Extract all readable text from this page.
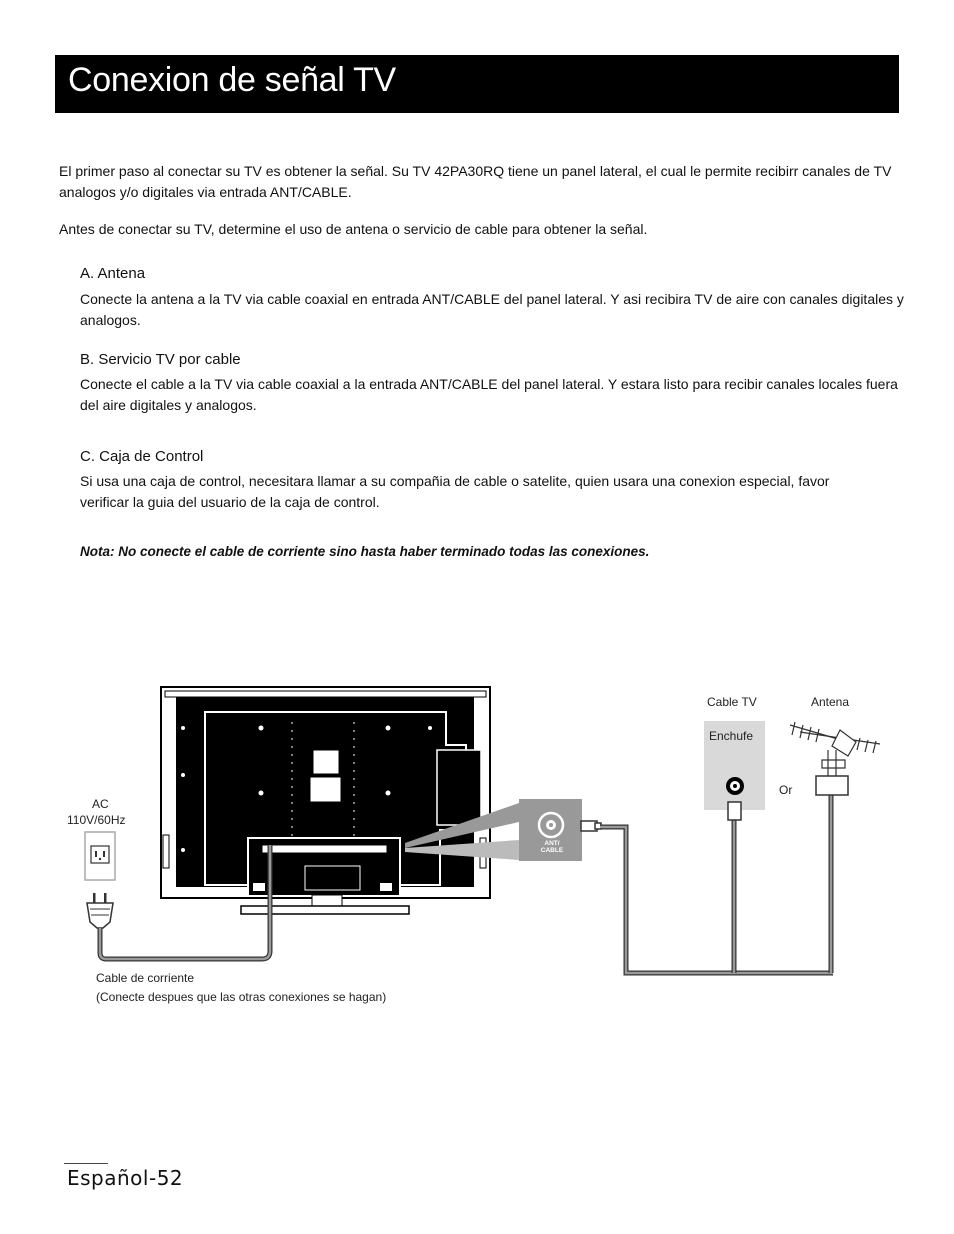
Conexion de señal TV

El primer paso al conectar su TV es obtener la señal. Su TV 42PA30RQ tiene un panel lateral, el cual le permite recibirr canales de TV analogos y/o digitales via entrada ANT/CABLE.

Antes de conectar su TV, determine el uso de antena o servicio de cable para obtener la señal.

A. Antena

Conecte la antena a la TV via cable coaxial en entrada ANT/CABLE del panel lateral. Y asi recibira TV de aire con canales digitales y analogos.

B. Servicio TV por cable

Conecte el cable a la TV via cable coaxial a la entrada ANT/CABLE del panel lateral. Y estara listo para recibir canales locales fuera del aire digitales y analogos.

C. Caja de Control

Si usa una caja de control, necesitara llamar a su compañia de cable o satelite, quien usara una conexion especial, favor verificar la guia del usuario de la caja de control.

Nota: No conecte el cable de corriente sino hasta haber terminado todas las conexiones.

ANT/
CABLE
AC
110V/60Hz
Cable TV	Antena
Enchufe
Or
Cable de corriente
(Conecte despues que las otras conexiones se hagan)
Español-52
